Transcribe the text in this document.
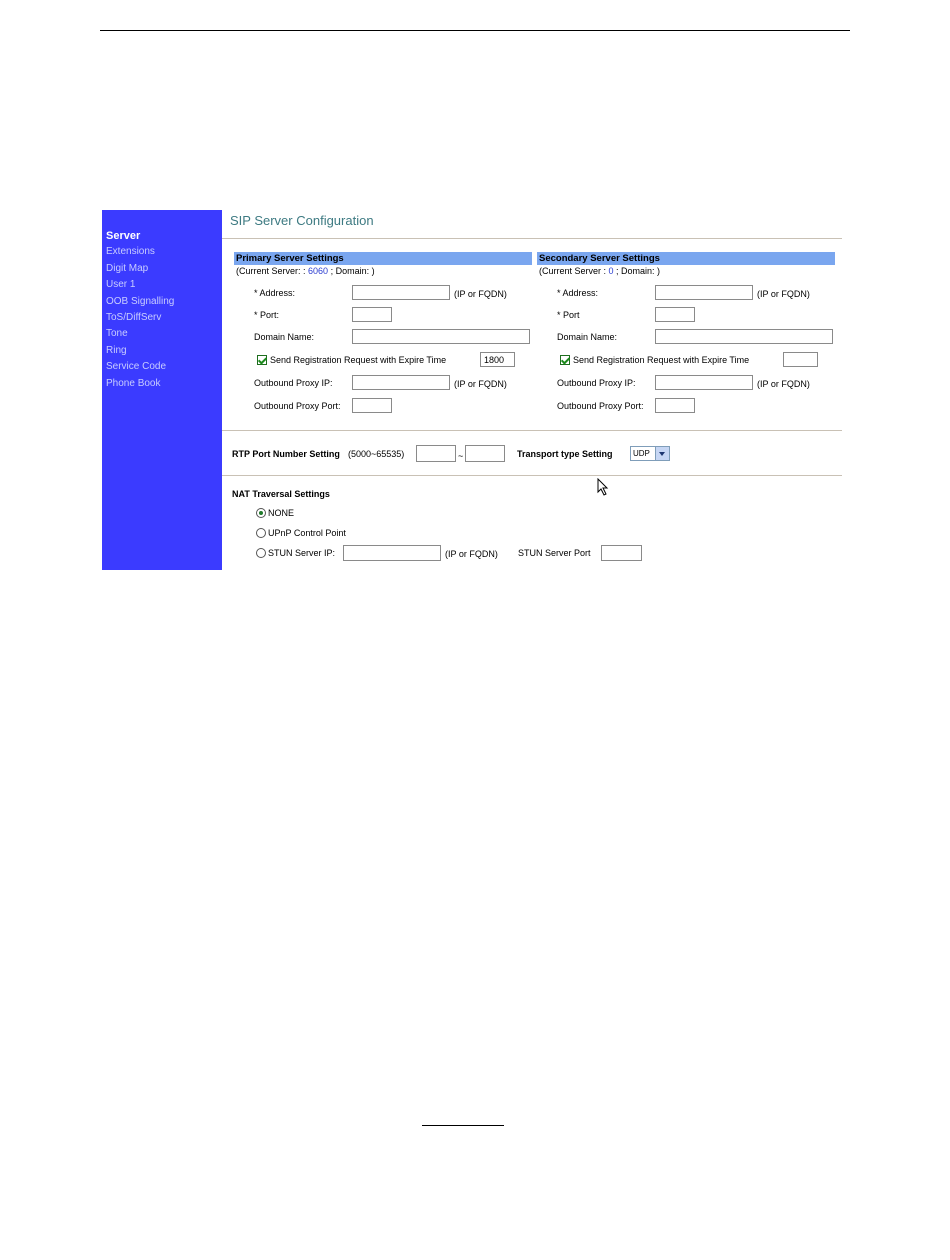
Server
Extensions
Digit Map
User 1
OOB Signalling
ToS/DiffServ
Tone
Ring
Service Code
Phone Book
SIP Server Configuration
Primary Server Settings
(Current Server: : 6060 ; Domain: )
* Address:	(IP or FQDN)
* Port:
Domain Name:
Send Registration Request with Expire Time
1800
Outbound Proxy IP:	(IP or FQDN)
Outbound Proxy Port:
Secondary Server Settings
(Current Server : 0 ; Domain: )
* Address:	(IP or FQDN)
* Port
Domain Name:
Send Registration Request with Expire Time
Outbound Proxy IP:	(IP or FQDN)
Outbound Proxy Port:
RTP Port Number Setting (5000~65535)	~	Transport type Setting	UDP
NAT Traversal Settings
NONE
UPnP Control Point
STUN Server IP:	(IP or FQDN) STUN Server Port
